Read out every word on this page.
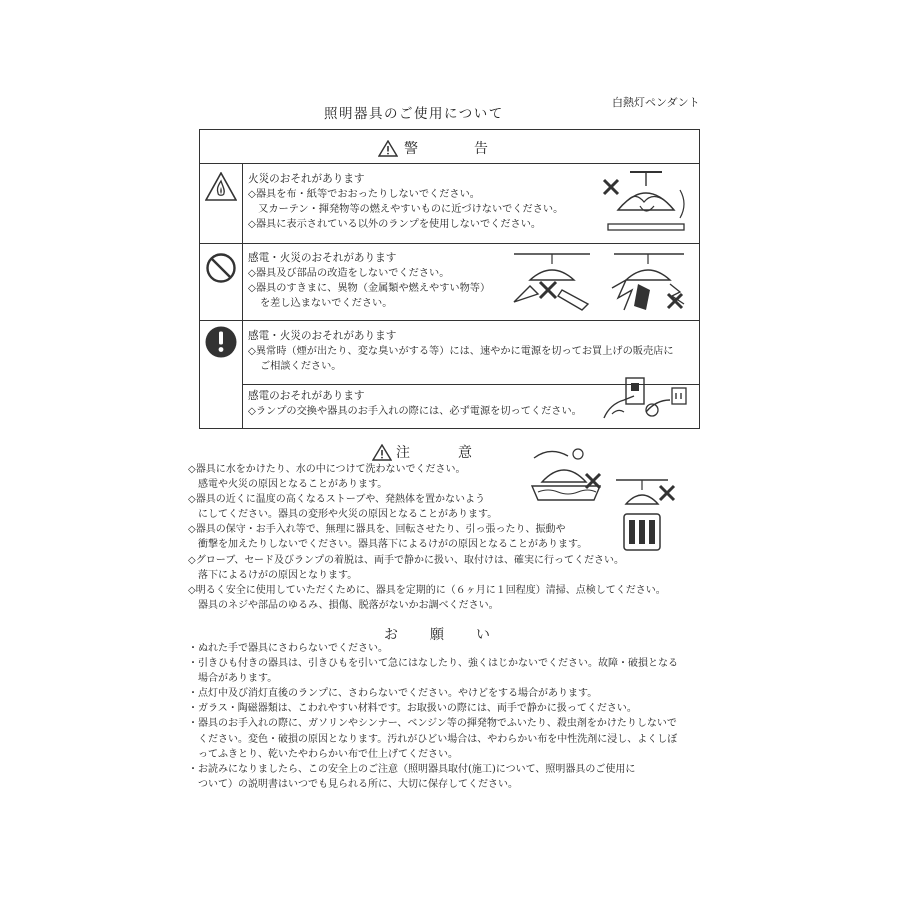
白熱灯ペンダント
照明器具のご使用について
警	告
火災のおそれがあります
◇器具を布・紙等でおおったりしないでください。
　又カーテン・揮発物等の燃えやすいものに近づけないでください。
◇器具に表示されている以外のランプを使用しないでください。
感電・火災のおそれがあります
◇器具及び部品の改造をしないでください。
◇器具のすきまに、異物（金属類や燃えやすい物等）
を差し込まないでください。
感電・火災のおそれがあります
◇異常時（煙が出たり、変な臭いがする等）には、速やかに電源を切ってお買上げの販売店に
ご相談ください。
感電のおそれがあります
◇ランプの交換や器具のお手入れの際には、必ず電源を切ってください。
注	意
◇器具に水をかけたり、水の中につけて洗わないでください。
　感電や火災の原因となることがあります。
◇器具の近くに温度の高くなるストーブや、発熱体を置かないよう
　にしてください。器具の変形や火災の原因となることがあります。
◇器具の保守・お手入れ等で、無理に器具を、回転させたり、引っ張ったり、振動や
　衝撃を加えたりしないでください。器具落下によるけがの原因となることがあります。
◇グローブ、セード及びランプの着脱は、両手で静かに扱い、取付けは、確実に行ってください。
　落下によるけがの原因となります。
◇明るく安全に使用していただくために、器具を定期的に（６ヶ月に１回程度）清掃、点検してください。
　器具のネジや部品のゆるみ、損傷、脱落がないかお調べください。
お 願 い
・ぬれた手で器具にさわらないでください。
・引きひも付きの器具は、引きひもを引いて急にはなしたり、強くはじかないでください。故障・破損となる
　場合があります。
・点灯中及び消灯直後のランプに、さわらないでください。やけどをする場合があります。
・ガラス・陶磁器類は、こわれやすい材料です。お取扱いの際には、両手で静かに扱ってください。
・器具のお手入れの際に、ガソリンやシンナー、ベンジン等の揮発物でふいたり、殺虫剤をかけたりしないで
　ください。変色・破損の原因となります。汚れがひどい場合は、やわらかい布を中性洗剤に浸し、よくしぼ
　ってふきとり、乾いたやわらかい布で仕上げてください。
・お読みになりましたら、この安全上のご注意（照明器具取付(施工)について、照明器具のご使用に
　ついて）の説明書はいつでも見られる所に、大切に保存してください。
